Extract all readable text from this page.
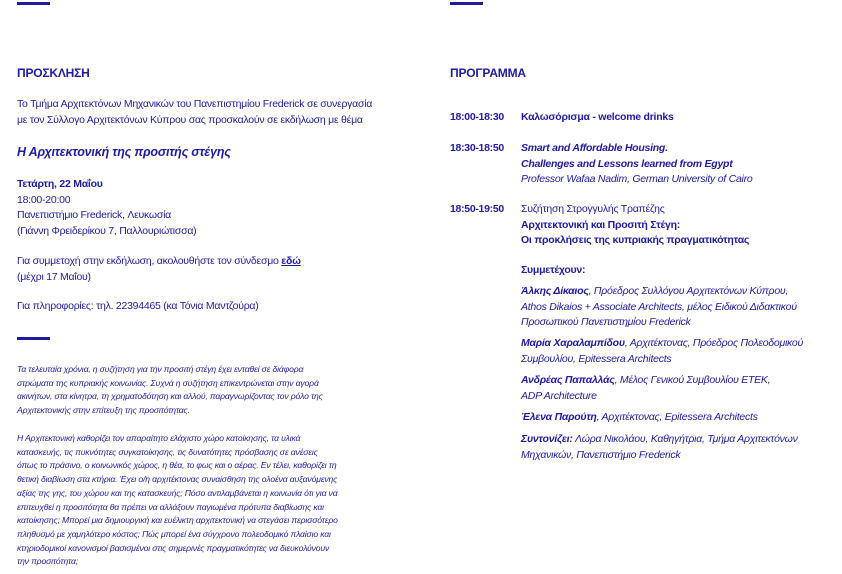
ΠΡΟΣΚΛΗΣΗ
Το Τμήμα Αρχιτεκτόνων Μηχανικών του Πανεπιστημίου Frederick σε συνεργασία
με τον Σύλλογο Αρχιτεκτόνων Κύπρου σας προσκαλούν σε εκδήλωση με θέμα
Η Αρχιτεκτονική της προσιτής στέγης
Τετάρτη, 22 Μαΐου
18:00-20:00
Πανεπιστήμιο Frederick, Λευκωσία
(Γιάννη Φρειδερίκου 7, Παλλουριώτισσα)
Για συμμετοχή στην εκδήλωση, ακολουθήστε τον σύνδεσμο εδώ
(μέχρι 17 Μαΐου)
Για πληροφορίες: τηλ. 22394465 (κα Τόνια Μαντζούρα)
Τα τελευταία χρόνια, η συζήτηση για την προσιτή στέγη έχει ενταθεί σε διάφορα
στρώματα της κυπριακής κοινωνίας. Συχνά η συζήτηση επικεντρώνεται στην αγορά
ακινήτων, στα κίνητρα, τη χρηματοδότηση και αλλού, παραγνωρίζοντας τον ρόλο της
Αρχιτεκτονικής στην επίτευξη της προσιτότητας.
Η Αρχιτεκτονική καθορίζει τον απαραίτητο ελάχιστο χώρο κατοίκησης, τα υλικά
κατασκευής, τις πυκνότητες συγκατοίκησης, τις δυνατότητες πρόσβασης σε ανέσεις
όπως το πράσινο, ο κοινωνικός χώρος, η θέα, το φως και ο αέρας. Εν τέλει, καθορίζει τη
θετική διαβίωση στα κτήρια. Έχει ο/η αρχιτέκτονας συναίσθηση της ολοένα αυξανόμενης
αξίας της γης, του χώρου και της κατασκευής; Πόσο αντιλαμβάνεται η κοινωνία ότι για να
επιτευχθεί η προσιτότητα θα πρέπει να αλλάξουν παγιωμένα πρότυπα διαβίωσης και
κατοίκησης; Μπορεί μια δημιουργική και ευέλικτη αρχιτεκτονική να στεγάσει περισσότερο
πληθυσμό με χαμηλότερο κόστος; Πώς μπορεί ένα σύγχρονο πολεοδομικό πλαίσιο και
κτηριοδομικοί κανονισμοί βασισμένοι στις σημερινές πραγματικότητες να διευκολύνουν
την προσιτότητα;
ΠΡΟΓΡΑΜΜΑ
18:00-18:30 Καλωσόρισμα - welcome drinks
18:30-18:50 Smart and Affordable Housing.
Challenges and Lessons learned from Egypt
Professor Wafaa Nadim, German University of Cairo
18:50-19:50 Συζήτηση Στρογγυλής Τραπέζης
Αρχιτεκτονική και Προσιτή Στέγη:
Οι προκλήσεις της κυπριακής πραγματικότητας
Συμμετέχουν:
Άλκης Δίκαιος, Πρόεδρος Συλλόγου Αρχιτεκτόνων Κύπρου,
Athos Dikaios + Associate Architects, μέλος Ειδικού Διδακτικού
Προσωπικού Πανεπιστημίου Frederick
Μαρία Χαραλαμπίδου, Αρχιτέκτονας, Πρόεδρος Πολεοδομικού
Συμβουλίου, Epitessera Architects
Ανδρέας Παπαλλάς, Μέλος Γενικού Συμβουλίου ΕΤΕΚ,
ADP Architecture
Έλενα Παρούτη, Αρχιτέκτονας, Epitessera Architects
Συντονίζει: Λώρα Νικολάου, Καθηγήτρια, Τμήμα Αρχιτεκτόνων
Μηχανικών, Πανεπιστήμιο Frederick
